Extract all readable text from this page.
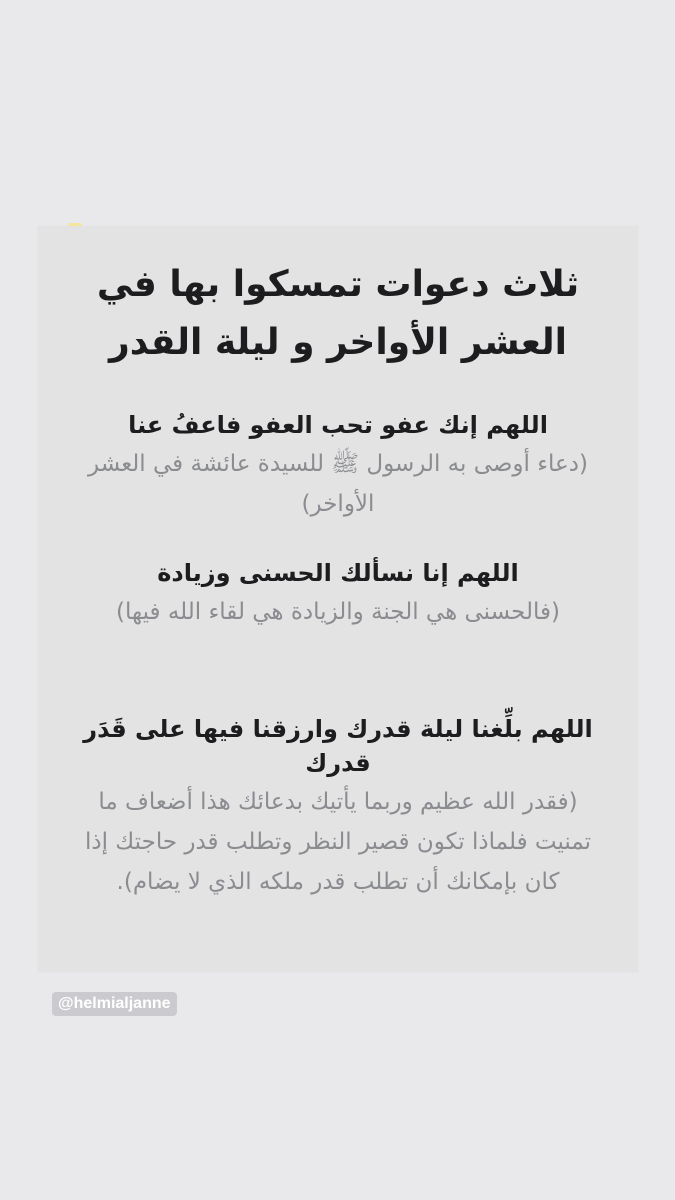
ثلاث دعوات تمسكوا بها في
العشر الأواخر و ليلة القدر
اللهم إنك عفو تحب العفو فاعفُ عنا
(دعاء أوصى به الرسول ﷺ للسيدة عائشة في العشر الأواخر)
اللهم إنا نسألك الحسنى وزيادة
(فالحسنى هي الجنة والزيادة هي لقاء الله فيها)
اللهم بلِّغنا ليلة قدرك وارزقنا فيها على قَدَر قدرك
(فقدر الله عظيم وربما يأتيك بدعائك هذا أضعاف ما تمنيت فلماذا تكون قصير النظر وتطلب قدر حاجتك إذا كان بإمكانك أن تطلب قدر ملكه الذي لا يضام).
@helmialjanne
